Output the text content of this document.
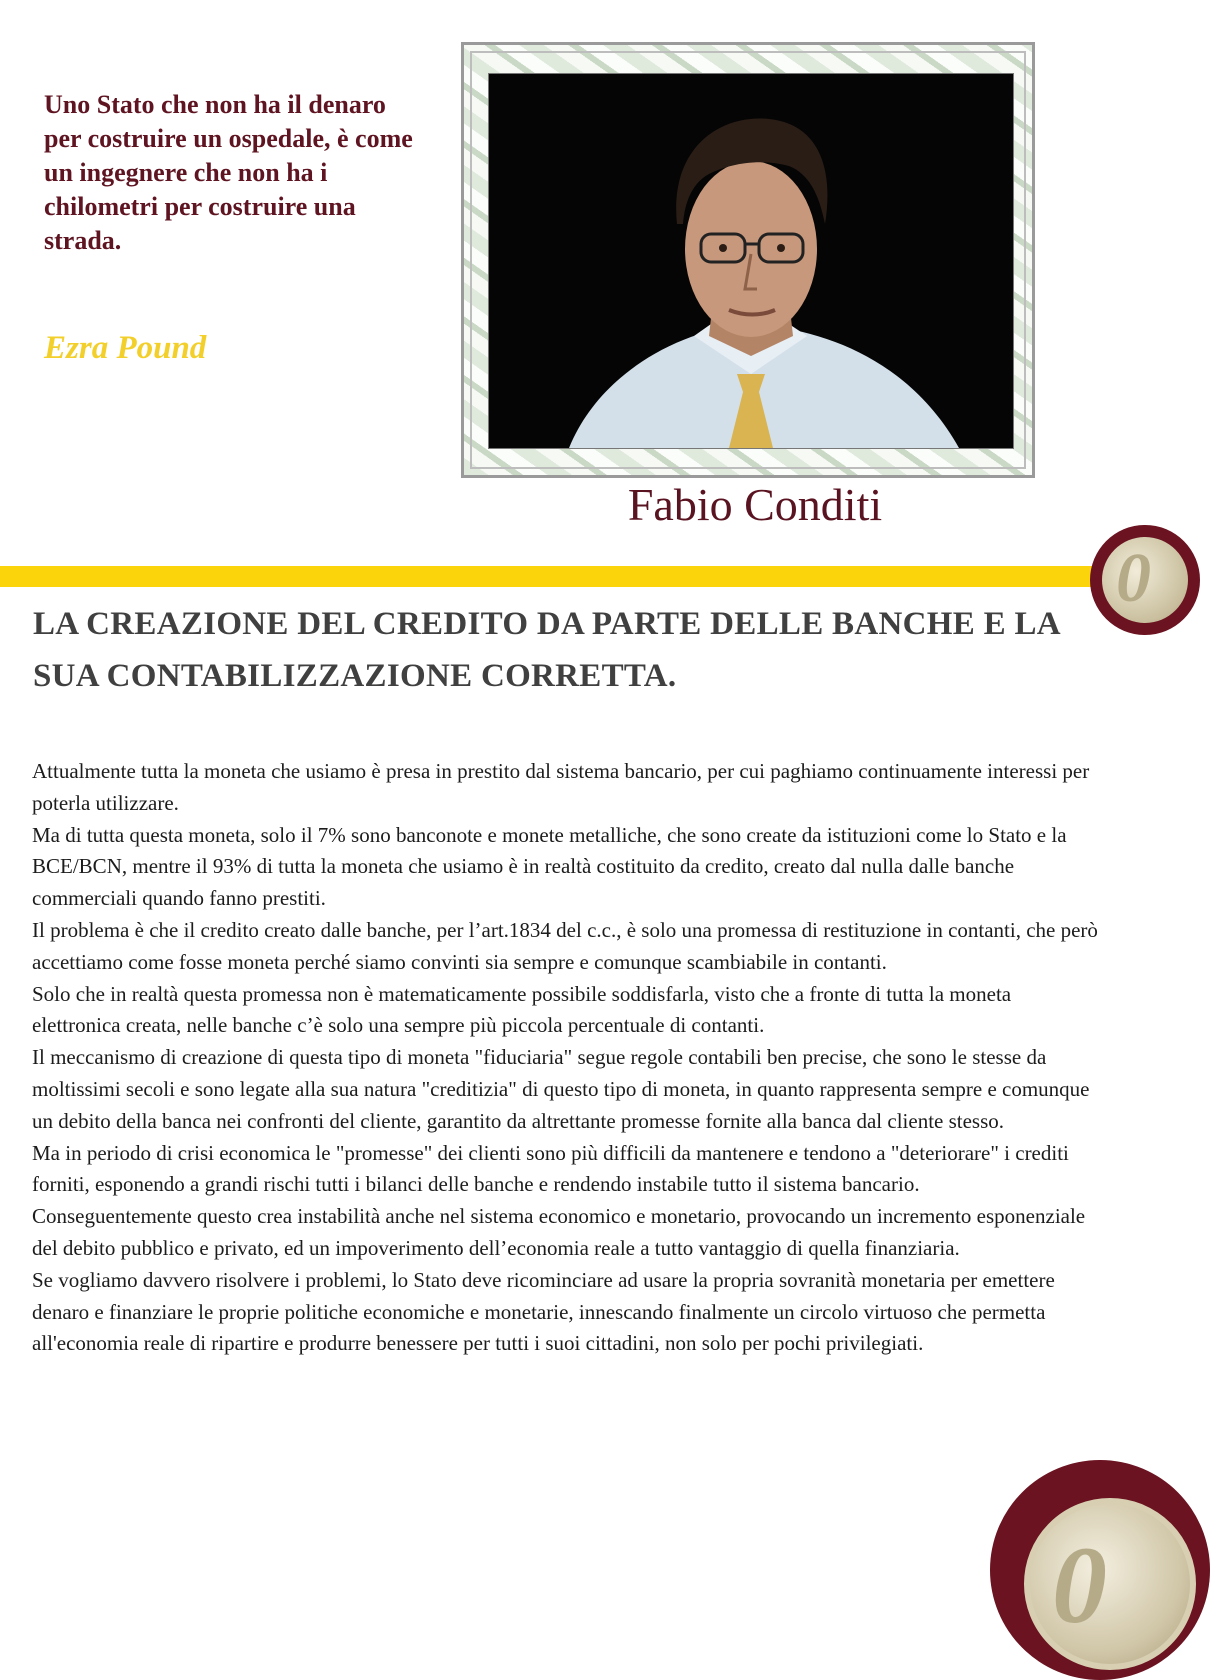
Uno Stato che non ha il denaro per costruire un ospedale, è come un ingegnere che non ha i chilometri per costruire una strada.
Ezra Pound
Fabio Conditi
0
LA CREAZIONE DEL CREDITO DA PARTE DELLE BANCHE E LA SUA CONTABILIZZAZIONE CORRETTA.

Attualmente tutta la moneta che usiamo è presa in prestito dal sistema bancario, per cui paghiamo continuamente interessi per poterla utilizzare.

Ma di tutta questa moneta, solo il 7% sono banconote e monete metalliche, che sono create da istituzioni come lo Stato e la BCE/BCN, mentre il 93% di tutta la moneta che usiamo è in realtà costituito da credito, creato dal nulla dalle banche commerciali quando fanno prestiti.

Il problema è che il credito creato dalle banche, per l’art.1834 del c.c., è solo una promessa di restituzione in contanti, che però accettiamo come fosse moneta perché siamo convinti sia sempre e comunque scambiabile in contanti.

Solo che in realtà questa promessa non è matematicamente possibile soddisfarla, visto che a fronte di tutta la moneta elettronica creata, nelle banche c’è solo una sempre più piccola percentuale di contanti.

Il meccanismo di creazione di questa tipo di moneta "fiduciaria" segue regole contabili ben precise, che sono le stesse da moltissimi secoli e sono legate alla sua natura "creditizia" di questo tipo di moneta, in quanto rappresenta sempre e comunque un debito della banca nei confronti del cliente, garantito da altrettante promesse fornite alla banca dal cliente stesso.

Ma in periodo di crisi economica le "promesse" dei clienti sono più difficili da mantenere e tendono a "deteriorare" i crediti forniti, esponendo a grandi rischi tutti i bilanci delle banche e rendendo instabile tutto il sistema bancario.

Conseguentemente questo crea instabilità anche nel sistema economico e monetario, provocando un incremento esponenziale del debito pubblico e privato, ed un impoverimento dell’economia reale a tutto vantaggio di quella finanziaria.

Se vogliamo davvero risolvere i problemi, lo Stato deve ricominciare ad usare la propria sovranità monetaria per emettere denaro e finanziare le proprie politiche economiche e monetarie, innescando finalmente un circolo virtuoso che permetta all'economia reale di ripartire e produrre benessere per tutti i suoi cittadini, non solo per pochi privilegiati.

0
